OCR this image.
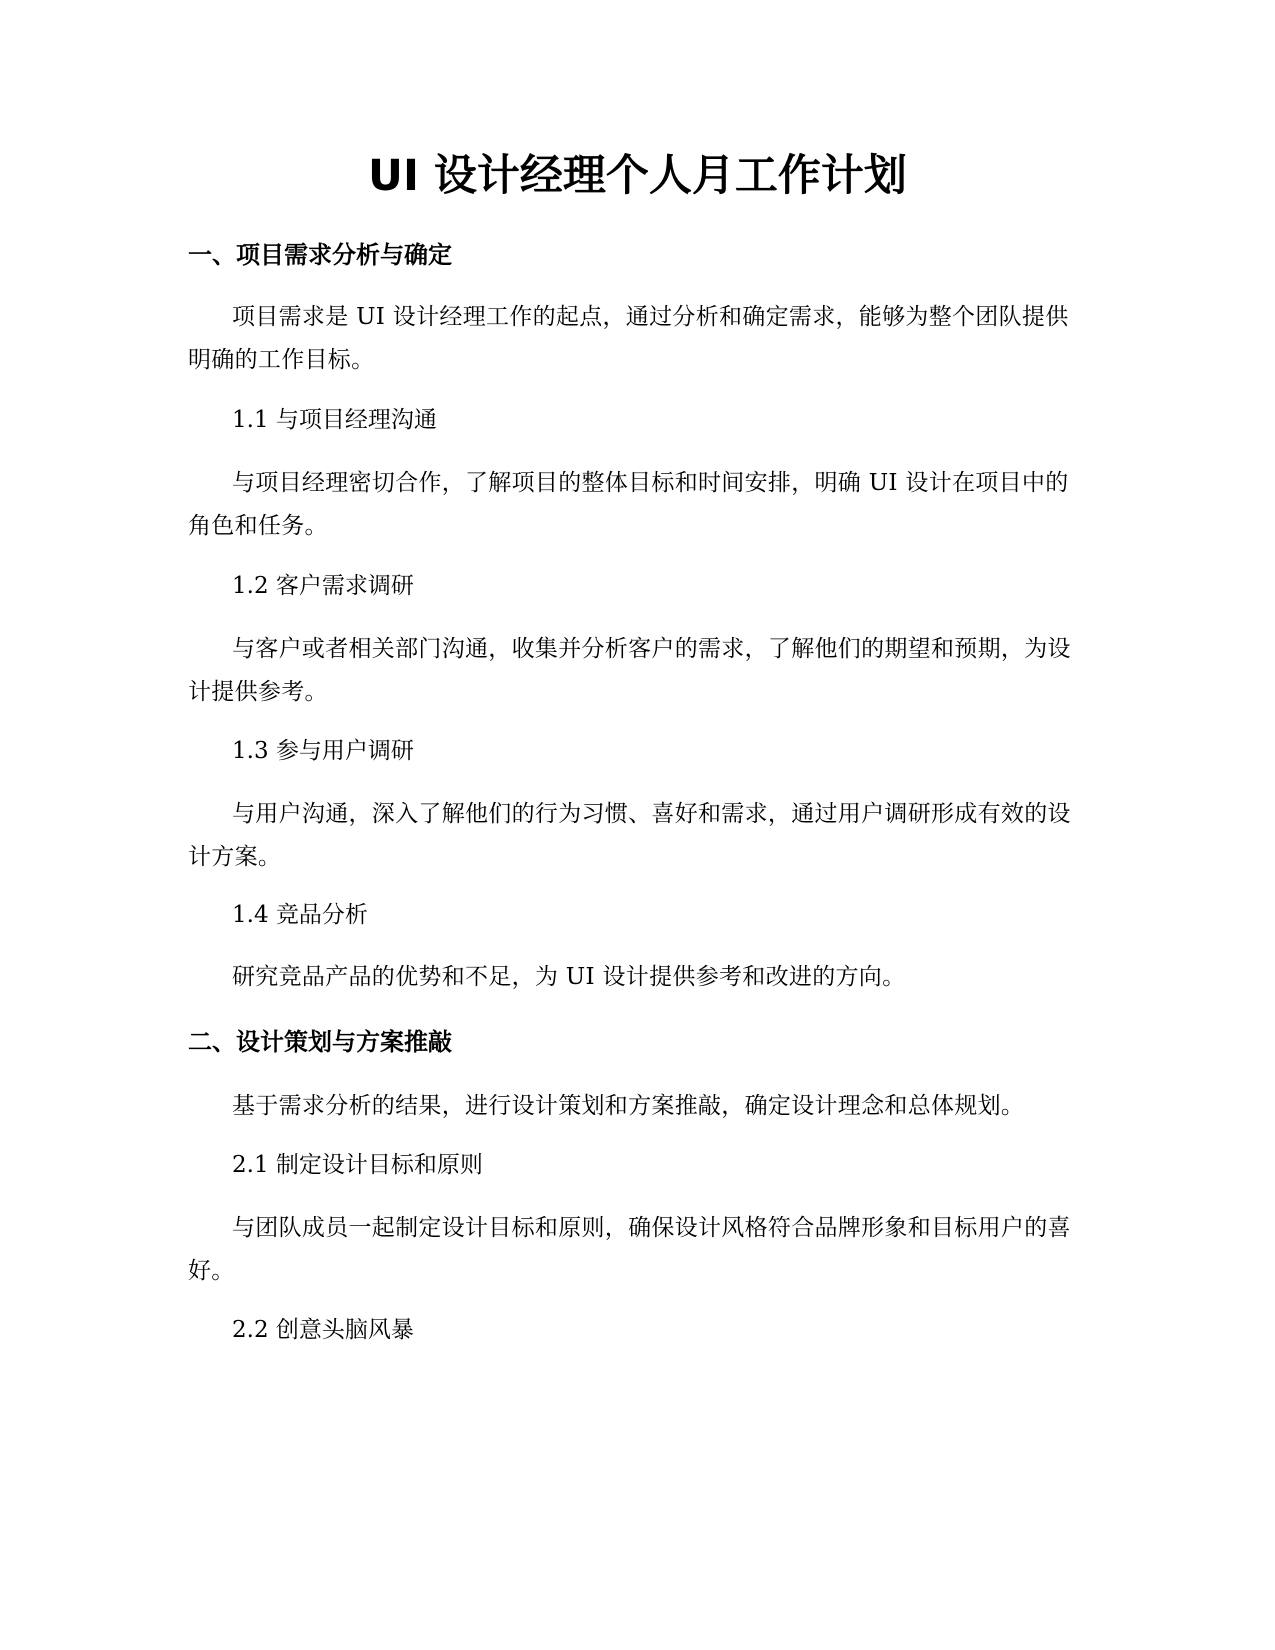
UI 设计经理个人月工作计划
一、项目需求分析与确定

项目需求是 UI 设计经理工作的起点，通过分析和确定需求，能够为整个团队提供明确的工作目标。

1.1 与项目经理沟通

与项目经理密切合作，了解项目的整体目标和时间安排，明确 UI 设计在项目中的角色和任务。

1.2 客户需求调研

与客户或者相关部门沟通，收集并分析客户的需求，了解他们的期望和预期，为设计提供参考。

1.3 参与用户调研

与用户沟通，深入了解他们的行为习惯、喜好和需求，通过用户调研形成有效的设计方案。

1.4 竞品分析

研究竞品产品的优势和不足，为 UI 设计提供参考和改进的方向。

二、设计策划与方案推敲

基于需求分析的结果，进行设计策划和方案推敲，确定设计理念和总体规划。

2.1 制定设计目标和原则

与团队成员一起制定设计目标和原则，确保设计风格符合品牌形象和目标用户的喜好。

2.2 创意头脑风暴
